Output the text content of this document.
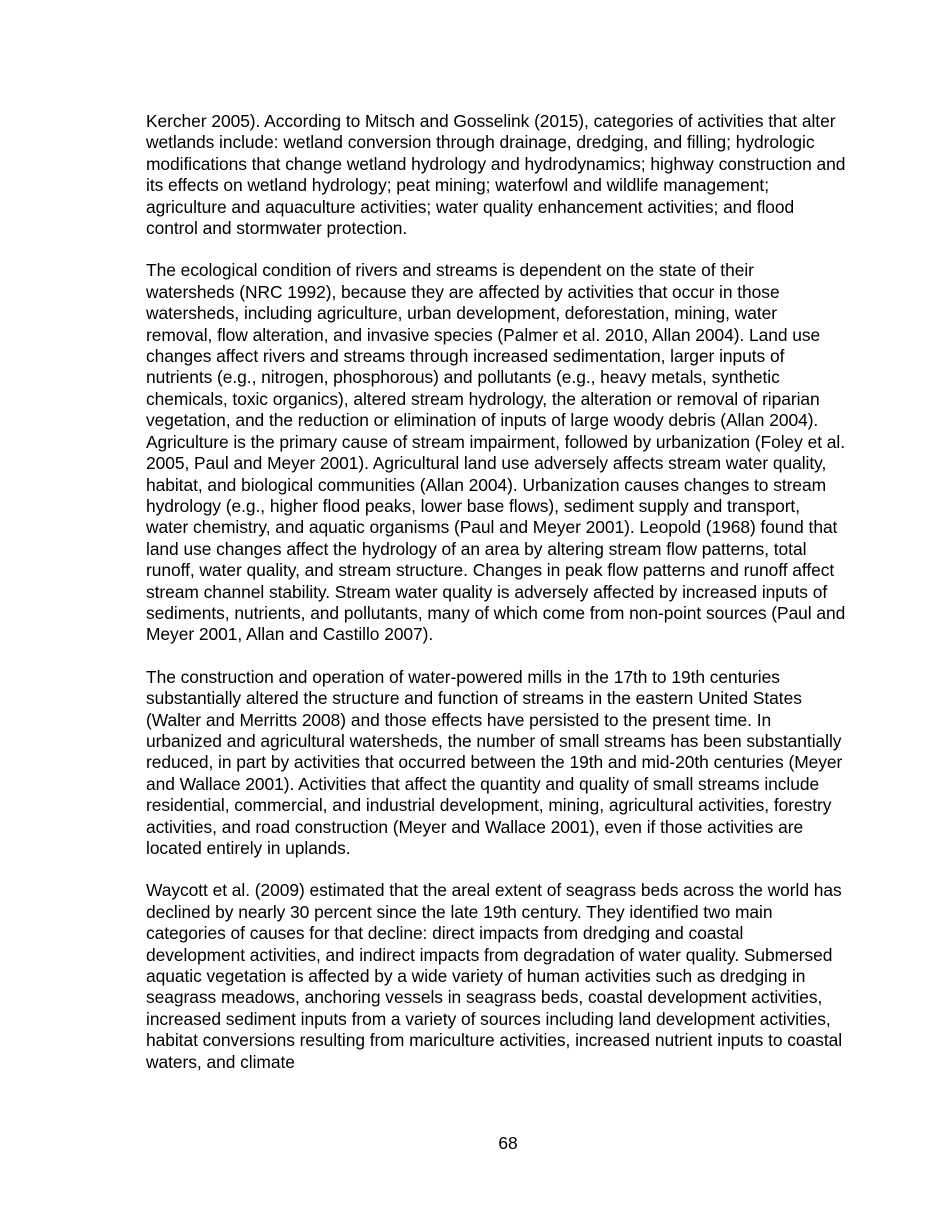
Kercher 2005). According to Mitsch and Gosselink (2015), categories of activities that alter wetlands include: wetland conversion through drainage, dredging, and filling; hydrologic modifications that change wetland hydrology and hydrodynamics; highway construction and its effects on wetland hydrology; peat mining; waterfowl and wildlife management; agriculture and aquaculture activities; water quality enhancement activities; and flood control and stormwater protection.

The ecological condition of rivers and streams is dependent on the state of their watersheds (NRC 1992), because they are affected by activities that occur in those watersheds, including agriculture, urban development, deforestation, mining, water removal, flow alteration, and invasive species (Palmer et al. 2010, Allan 2004). Land use changes affect rivers and streams through increased sedimentation, larger inputs of nutrients (e.g., nitrogen, phosphorous) and pollutants (e.g., heavy metals, synthetic chemicals, toxic organics), altered stream hydrology, the alteration or removal of riparian vegetation, and the reduction or elimination of inputs of large woody debris (Allan 2004). Agriculture is the primary cause of stream impairment, followed by urbanization (Foley et al. 2005, Paul and Meyer 2001). Agricultural land use adversely affects stream water quality, habitat, and biological communities (Allan 2004). Urbanization causes changes to stream hydrology (e.g., higher flood peaks, lower base flows), sediment supply and transport, water chemistry, and aquatic organisms (Paul and Meyer 2001). Leopold (1968) found that land use changes affect the hydrology of an area by altering stream flow patterns, total runoff, water quality, and stream structure. Changes in peak flow patterns and runoff affect stream channel stability. Stream water quality is adversely affected by increased inputs of sediments, nutrients, and pollutants, many of which come from non-point sources (Paul and Meyer 2001, Allan and Castillo 2007).

The construction and operation of water-powered mills in the 17th to 19th centuries substantially altered the structure and function of streams in the eastern United States (Walter and Merritts 2008) and those effects have persisted to the present time. In urbanized and agricultural watersheds, the number of small streams has been substantially reduced, in part by activities that occurred between the 19th and mid-20th centuries (Meyer and Wallace 2001). Activities that affect the quantity and quality of small streams include residential, commercial, and industrial development, mining, agricultural activities, forestry activities, and road construction (Meyer and Wallace 2001), even if those activities are located entirely in uplands.

Waycott et al. (2009) estimated that the areal extent of seagrass beds across the world has declined by nearly 30 percent since the late 19th century. They identified two main categories of causes for that decline: direct impacts from dredging and coastal development activities, and indirect impacts from degradation of water quality. Submersed aquatic vegetation is affected by a wide variety of human activities such as dredging in seagrass meadows, anchoring vessels in seagrass beds, coastal development activities, increased sediment inputs from a variety of sources including land development activities, habitat conversions resulting from mariculture activities, increased nutrient inputs to coastal waters, and climate

68
